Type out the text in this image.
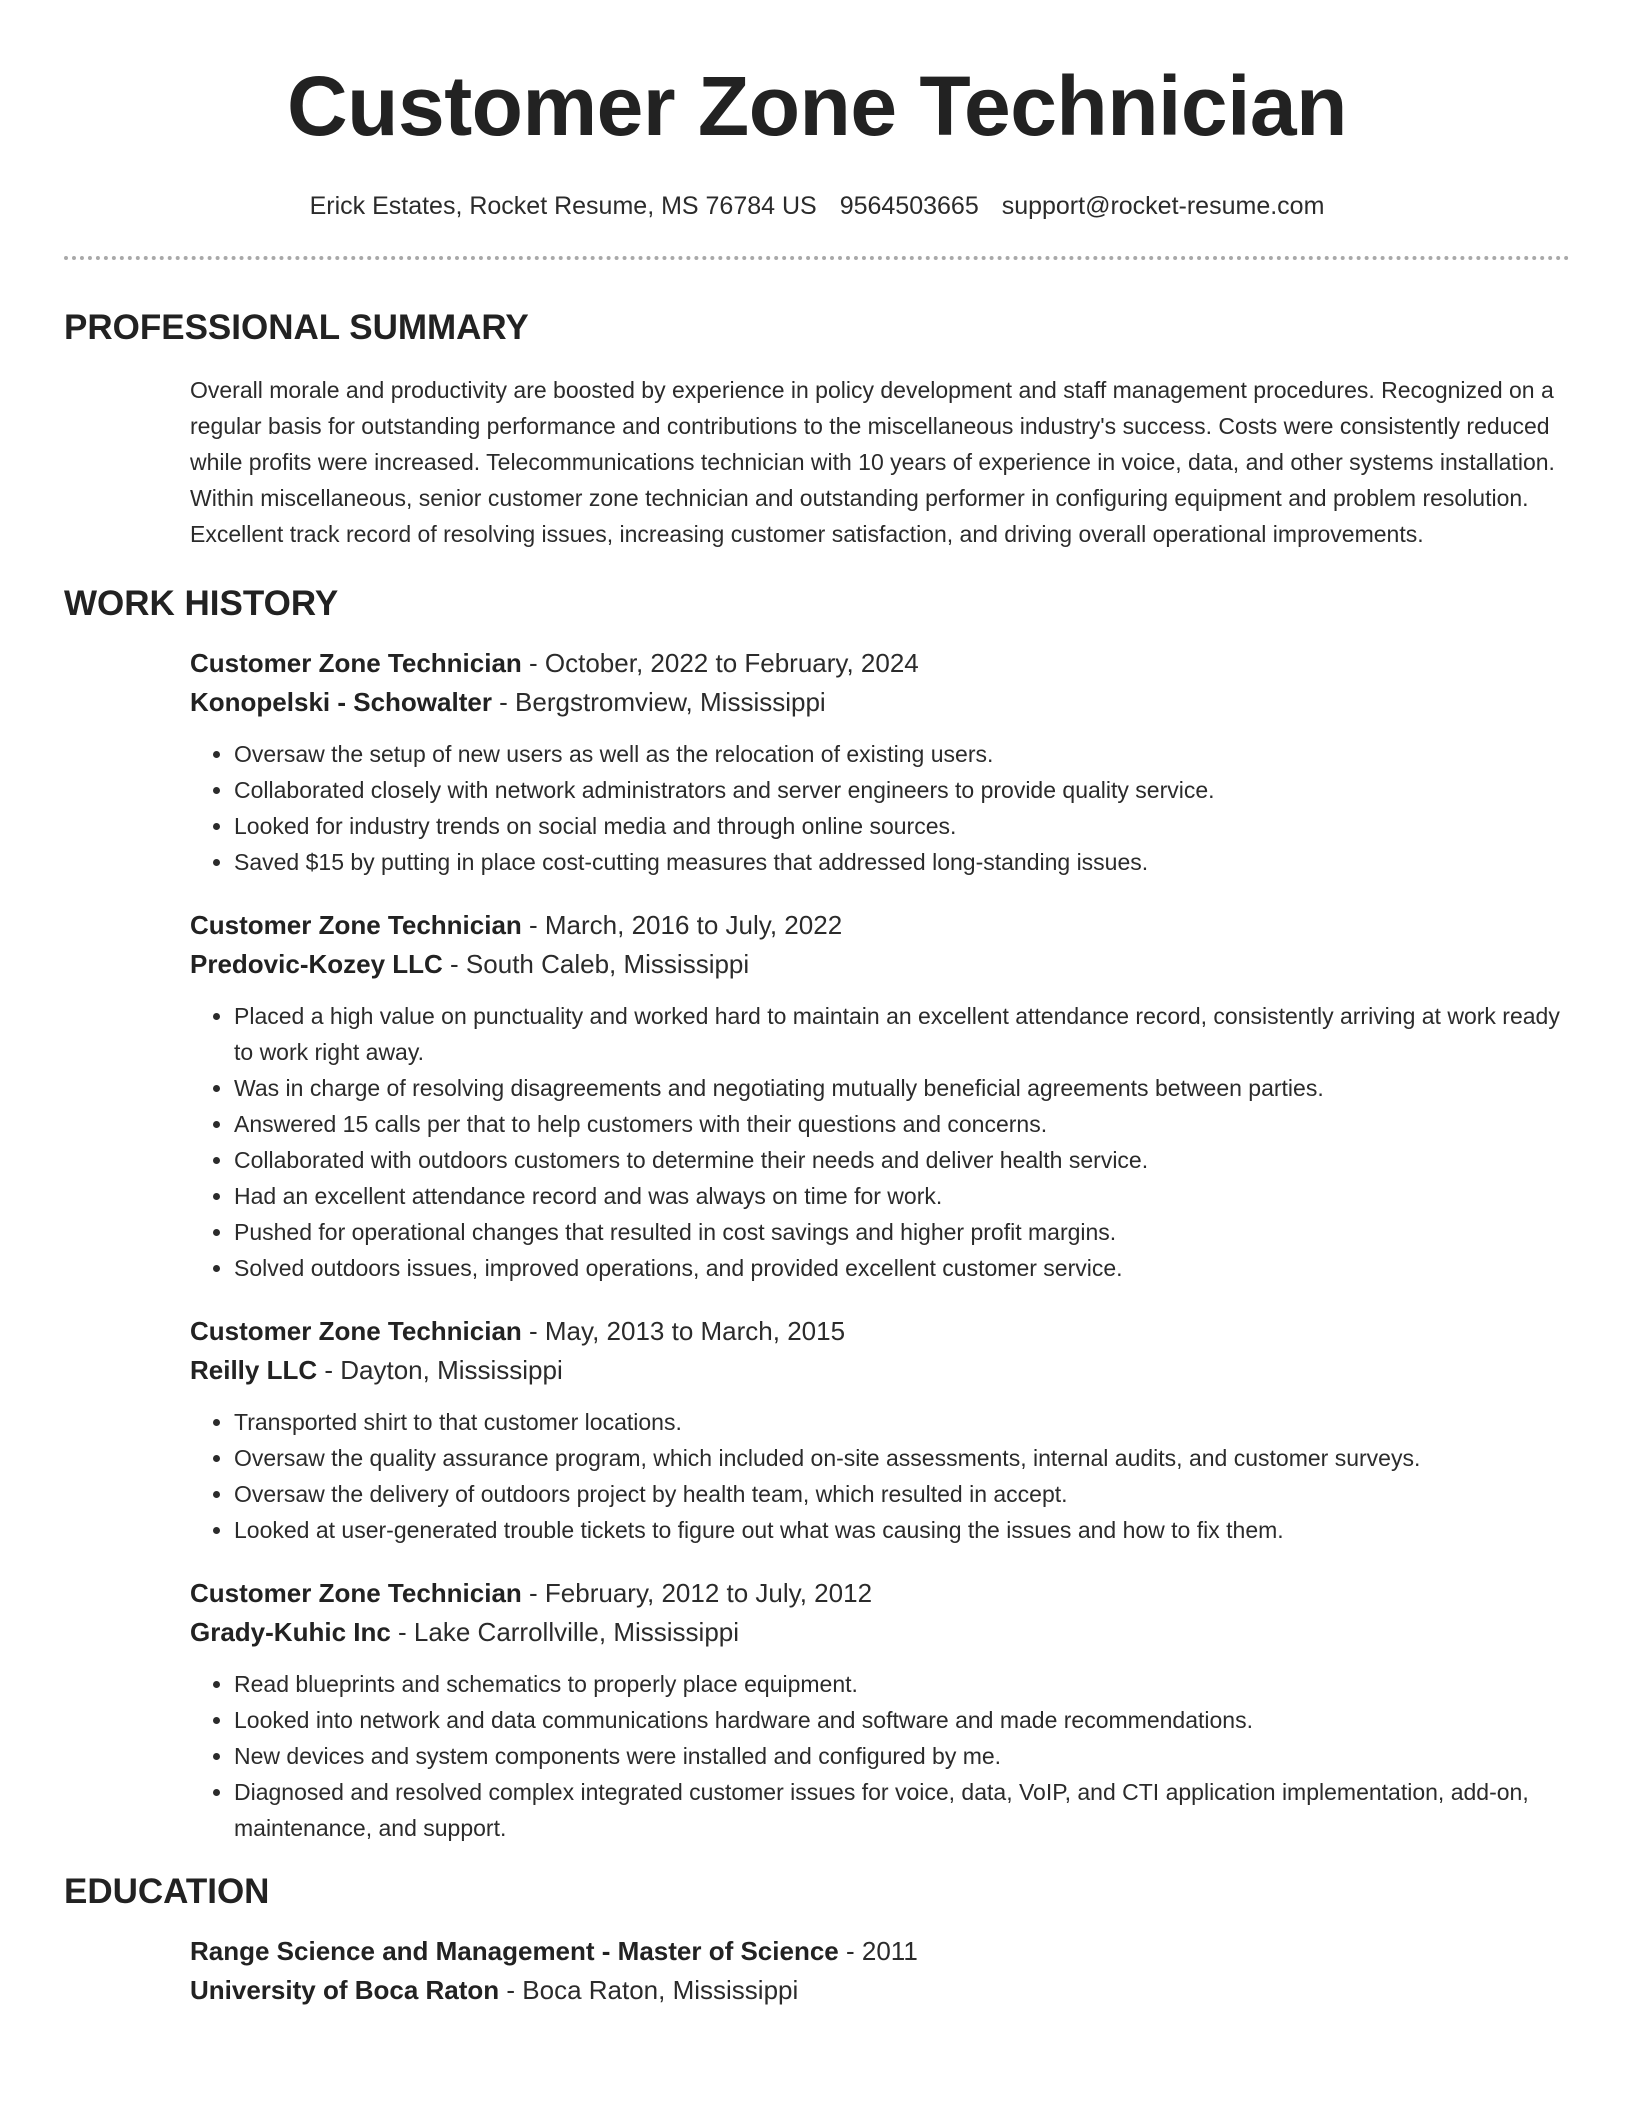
Customer Zone Technician
Erick Estates, Rocket Resume, MS 76784 US 9564503665 support@rocket-resume.com
PROFESSIONAL SUMMARY
Overall morale and productivity are boosted by experience in policy development and staff management procedures. Recognized on a regular basis for outstanding performance and contributions to the miscellaneous industry's success. Costs were consistently reduced while profits were increased. Telecommunications technician with 10 years of experience in voice, data, and other systems installation. Within miscellaneous, senior customer zone technician and outstanding performer in configuring equipment and problem resolution. Excellent track record of resolving issues, increasing customer satisfaction, and driving overall operational improvements.
WORK HISTORY
Customer Zone Technician - October, 2022 to February, 2024
Konopelski - Schowalter - Bergstromview, Mississippi
• Oversaw the setup of new users as well as the relocation of existing users.
• Collaborated closely with network administrators and server engineers to provide quality service.
• Looked for industry trends on social media and through online sources.
• Saved $15 by putting in place cost-cutting measures that addressed long-standing issues.
Customer Zone Technician - March, 2016 to July, 2022
Predovic-Kozey LLC - South Caleb, Mississippi
• Placed a high value on punctuality and worked hard to maintain an excellent attendance record, consistently arriving at work ready to work right away.
• Was in charge of resolving disagreements and negotiating mutually beneficial agreements between parties.
• Answered 15 calls per that to help customers with their questions and concerns.
• Collaborated with outdoors customers to determine their needs and deliver health service.
• Had an excellent attendance record and was always on time for work.
• Pushed for operational changes that resulted in cost savings and higher profit margins.
• Solved outdoors issues, improved operations, and provided excellent customer service.
Customer Zone Technician - May, 2013 to March, 2015
Reilly LLC - Dayton, Mississippi
• Transported shirt to that customer locations.
• Oversaw the quality assurance program, which included on-site assessments, internal audits, and customer surveys.
• Oversaw the delivery of outdoors project by health team, which resulted in accept.
• Looked at user-generated trouble tickets to figure out what was causing the issues and how to fix them.
Customer Zone Technician - February, 2012 to July, 2012
Grady-Kuhic Inc - Lake Carrollville, Mississippi
• Read blueprints and schematics to properly place equipment.
• Looked into network and data communications hardware and software and made recommendations.
• New devices and system components were installed and configured by me.
• Diagnosed and resolved complex integrated customer issues for voice, data, VoIP, and CTI application implementation, add-on, maintenance, and support.
EDUCATION
Range Science and Management - Master of Science - 2011
University of Boca Raton - Boca Raton, Mississippi
